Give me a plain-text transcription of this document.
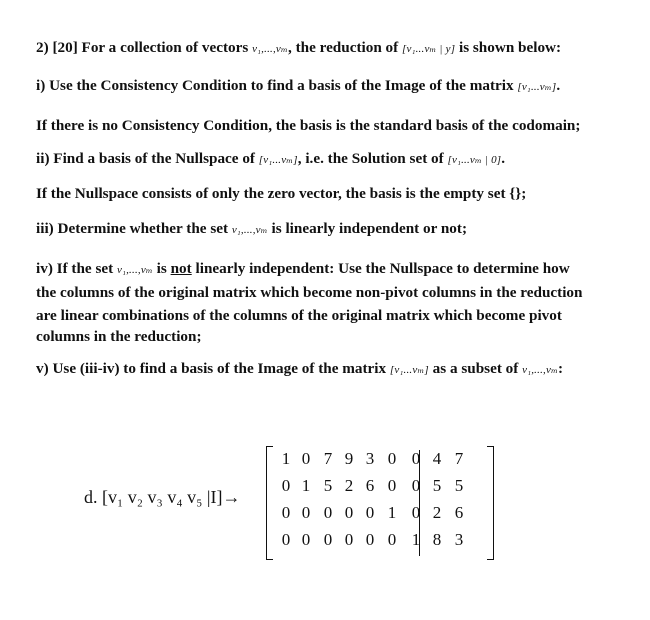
2) [20] For a collection of vectors v₁,...,vₘ, the reduction of [v₁...vₘ | y] is shown below:
i) Use the Consistency Condition to find a basis of the Image of the matrix [v₁...vₘ].
If there is no Consistency Condition, the basis is the standard basis of the codomain;
ii) Find a basis of the Nullspace of [v₁...vₘ], i.e. the Solution set of [v₁...vₘ | 0].
If the Nullspace consists of only the zero vector, the basis is the empty set {};
iii) Determine whether the set v₁,...,vₘ is linearly independent or not;
iv) If the set v₁,...,vₘ is not linearly independent: Use the Nullspace to determine how
the columns of the original matrix which become non-pivot columns in the reduction
are linear combinations of the columns of the original matrix which become pivot
columns in the reduction;
v) Use (iii-iv) to find a basis of the Image of the matrix [v₁...vₘ] as a subset of v₁,...,vₘ:
d. [v₁ v₂ v₃ v₄ v₅ |I]→
1 0 7 9 3 0 0 4 7
0 1 5 2 6 0 0 5 5
0 0 0 0 0 1 0 2 6
0 0 0 0 0 0 1 8 3
